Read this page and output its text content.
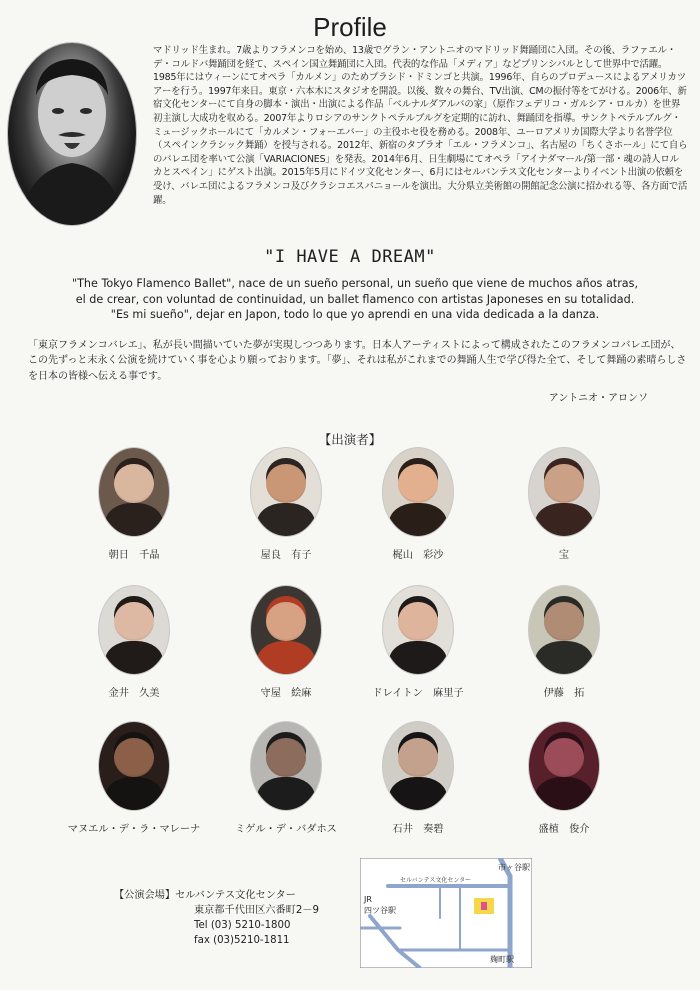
Profile
マドリッド生まれ。7歳よりフラメンコを始め、13歳でグラン・アントニオのマドリッド舞踊団に入団。その後、ラファエル・デ・コルドバ舞踊団を経て、スペイン国立舞踊団に入団。代表的な作品「メディア」などプリンシパルとして世界中で活躍。1985年にはウィーンにてオペラ「カルメン」のためプラシド・ドミンゴと共演。1996年、自らのプロデュースによるアメリカツアーを行う。1997年来日。東京・六本木にスタジオを開設。以後、数々の舞台、TV出演、CMの振付等をてがける。2006年、新宿文化センターにて自身の脚本・演出・出演による作品「ベルナルダアルバの家」（原作フェデリコ・ガルシア・ロルカ）を世界初主演し大成功を収める。2007年よりロシアのサンクトペテルブルグを定期的に訪れ、舞踊団を指導。サンクトペテルブルグ・ミュージックホールにて「カルメン・フォーエバー」の主役ホセ役を務める。2008年、ユーロアメリカ国際大学より名誉学位（スペインクラシック舞踊）を授与される。2012年、新宿のタブラオ「エル・フラメンコ」、名古屋の「ちくさホール」にて自らのバレエ団を率いて公演「VARIACIONES」を発表。2014年6月、日生劇場にてオペラ「アイナダマール/第一部・魂の詩人ロルカとスペイン」にゲスト出演。2015年5月にドイツ文化センター、6月にはセルバンテス文化センターよりイベント出演の依頼を受け、バレエ団によるフラメンコ及びクラシコエスパニョールを演出。大分県立美術館の開館記念公演に招かれる等、各方面で活躍。
"I HAVE A DREAM"
"The Tokyo Flamenco Ballet", nace de un sueño personal, un sueño que viene de muchos años atras,
el de crear, con voluntad de continuidad, un ballet flamenco con artistas Japoneses en su totalidad.
"Es mi sueño", dejar en Japon, todo lo que yo aprendi en una vida dedicada a la danza.
「東京フラメンコバレエ」、私が長い間描いていた夢が実現しつつあります。日本人アーティストによって構成されたこのフラメンコバレエ団が、この先ずっと末永く公演を続けていく事を心より願っております。「夢」、それは私がこれまでの舞踊人生で学び得た全て、そして舞踊の素晴らしさを日本の皆様へ伝える事です。
アントニオ・アロンソ
【出演者】
朝日　千晶	屋良　有子	梶山　彩沙	宝
金井　久美	守屋　絵麻	ドレイトン　麻里子	伊藤　拓
マヌエル・デ・ラ・マレーナ	ミゲル・デ・バダホス	石井　奏碧	盛植　俊介
【公演会場】セルバンテス文化センター
東京都千代田区六番町2－9
Tel (03) 5210-1800
fax (03)5210-1811
セルバンテス文化センター
市ヶ谷駅
JR
四ツ谷駅
麹町駅
